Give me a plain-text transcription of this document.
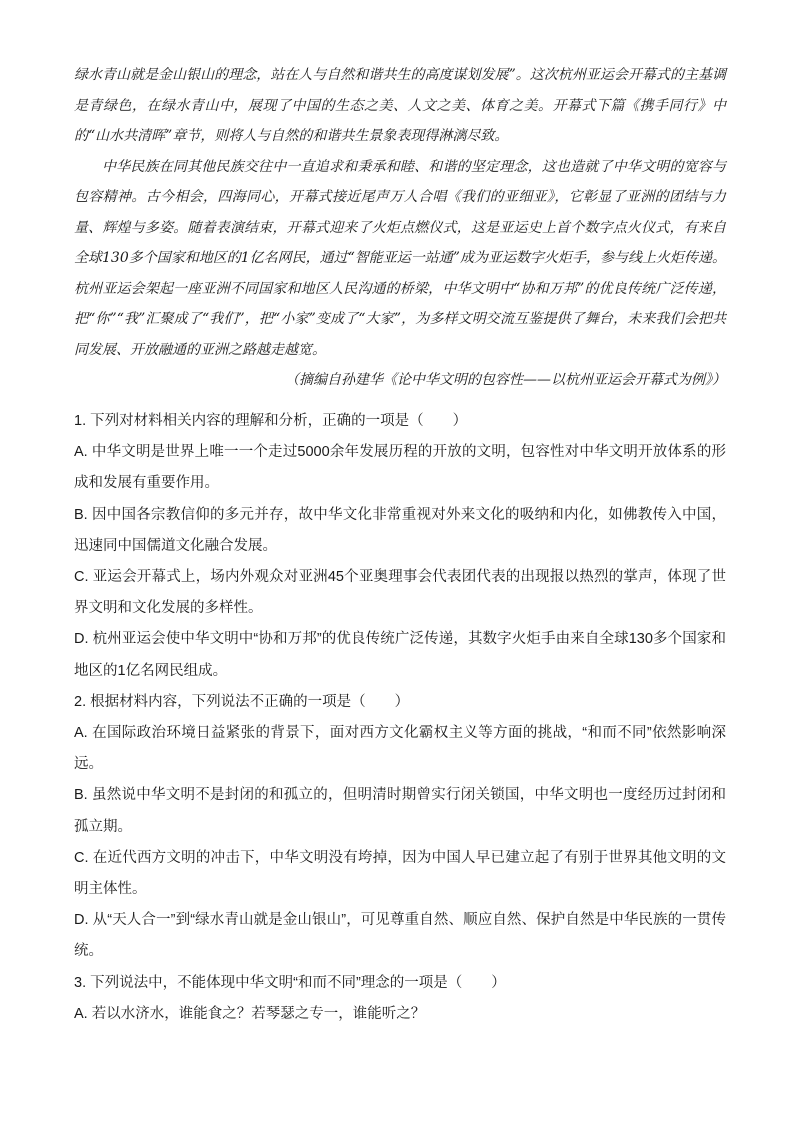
绿水青山就是金山银山的理念，站在人与自然和谐共生的高度谋划发展”。这次杭州亚运会开幕式的主基调是青绿色，在绿水青山中，展现了中国的生态之美、人文之美、体育之美。开幕式下篇《携手同行》中的“山水共清晖”章节，则将人与自然的和谐共生景象表现得淋漓尽致。

中华民族在同其他民族交往中一直追求和秉承和睦、和谐的坚定理念，这也造就了中华文明的宽容与包容精神。古今相会，四海同心，开幕式接近尾声万人合唱《我们的亚细亚》，它彰显了亚洲的团结与力量、辉煌与多姿。随着表演结束，开幕式迎来了火炬点燃仪式，这是亚运史上首个数字点火仪式，有来自全球130多个国家和地区的1亿名网民，通过“智能亚运一站通”成为亚运数字火炬手，参与线上火炬传递。杭州亚运会架起一座亚洲不同国家和地区人民沟通的桥梁，中华文明中“协和万邦”的优良传统广泛传递，把“你”“我”汇聚成了“我们”，把“小家”变成了“大家”，为多样文明交流互鉴提供了舞台，未来我们会把共同发展、开放融通的亚洲之路越走越宽。

（摘编自孙建华《论中华文明的包容性——以杭州亚运会开幕式为例》）

1. 下列对材料相关内容的理解和分析，正确的一项是（　　）

A. 中华文明是世界上唯一一个走过5000余年发展历程的开放的文明，包容性对中华文明开放体系的形成和发展有重要作用。

B. 因中国各宗教信仰的多元并存，故中华文化非常重视对外来文化的吸纳和内化，如佛教传入中国，迅速同中国儒道文化融合发展。

C. 亚运会开幕式上，场内外观众对亚洲45个亚奥理事会代表团代表的出现报以热烈的掌声，体现了世界文明和文化发展的多样性。

D. 杭州亚运会使中华文明中“协和万邦”的优良传统广泛传递，其数字火炬手由来自全球130多个国家和地区的1亿名网民组成。

2. 根据材料内容，下列说法不正确的一项是（　　）

A. 在国际政治环境日益紧张的背景下，面对西方文化霸权主义等方面的挑战，“和而不同”依然影响深远。

B. 虽然说中华文明不是封闭的和孤立的，但明清时期曾实行闭关锁国，中华文明也一度经历过封闭和孤立期。

C. 在近代西方文明的冲击下，中华文明没有垮掉，因为中国人早已建立起了有别于世界其他文明的文明主体性。

D. 从“天人合一”到“绿水青山就是金山银山”，可见尊重自然、顺应自然、保护自然是中华民族的一贯传统。

3. 下列说法中，不能体现中华文明“和而不同”理念的一项是（　　）

A. 若以水济水，谁能食之？若琴瑟之专一，谁能听之？
